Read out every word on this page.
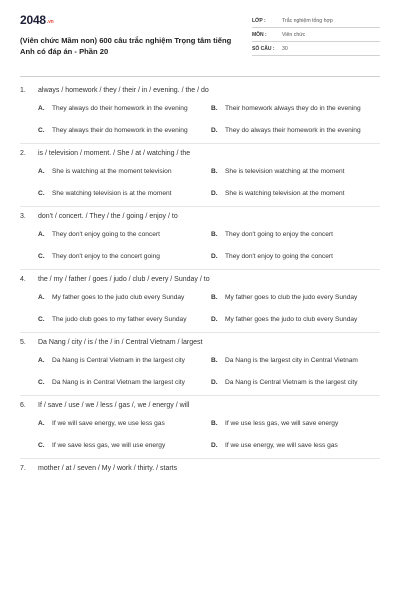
$2048^{.vn}$
(Viên chức Mầm non) 600 câu trắc nghiệm Trọng tâm tiếng Anh có đáp án - Phần 20
LỚP :	Trắc nghiệm tổng hợp
MÔN :	Viên chức
SỐ CÂU :	30
1.	always / homework / they / their / in / evening. / the / do
A.	They always do their homework in the evening	B.	Their homework always they do in the evening
C.	They always their do homework in the evening	D.	They do always their homework in the evening
2.	is / television / moment. / She / at / watching / the
A.	She is watching at the moment television	B.	She is television watching at the moment
C.	She watching television is at the moment	D.	She is watching television at the moment
3.	don't / concert. / They / the / going / enjoy / to
A.	They don't enjoy going to the concert	B.	They don't going to enjoy the concert
C.	They don't enjoy to the concert going	D.	They don't enjoy to going the concert
4.	the / my / father / goes / judo / club / every / Sunday / to
A.	My father goes to the judo club every Sunday	B.	My father goes to club the judo every Sunday
C.	The judo club goes to my father every Sunday	D.	My father goes the judo to club every Sunday
5.	Da Nang / city / is / the / in / Central Vietnam / largest
A.	Da Nang is Central Vietnam in the largest city	B.	Da Nang is the largest city in Central Vietnam
C.	Da Nang is in Central Vietnam the largest city	D.	Da Nang is Central Vietnam is the largest city
6.	If / save / use / we / less / gas /, we / energy / will
A.	If we will save energy, we use less gas	B.	If we use less gas, we will save energy
C.	If we save less gas, we will use energy	D.	If we use energy, we will save less gas
7.	mother / at / seven / My / work / thirty. / starts
